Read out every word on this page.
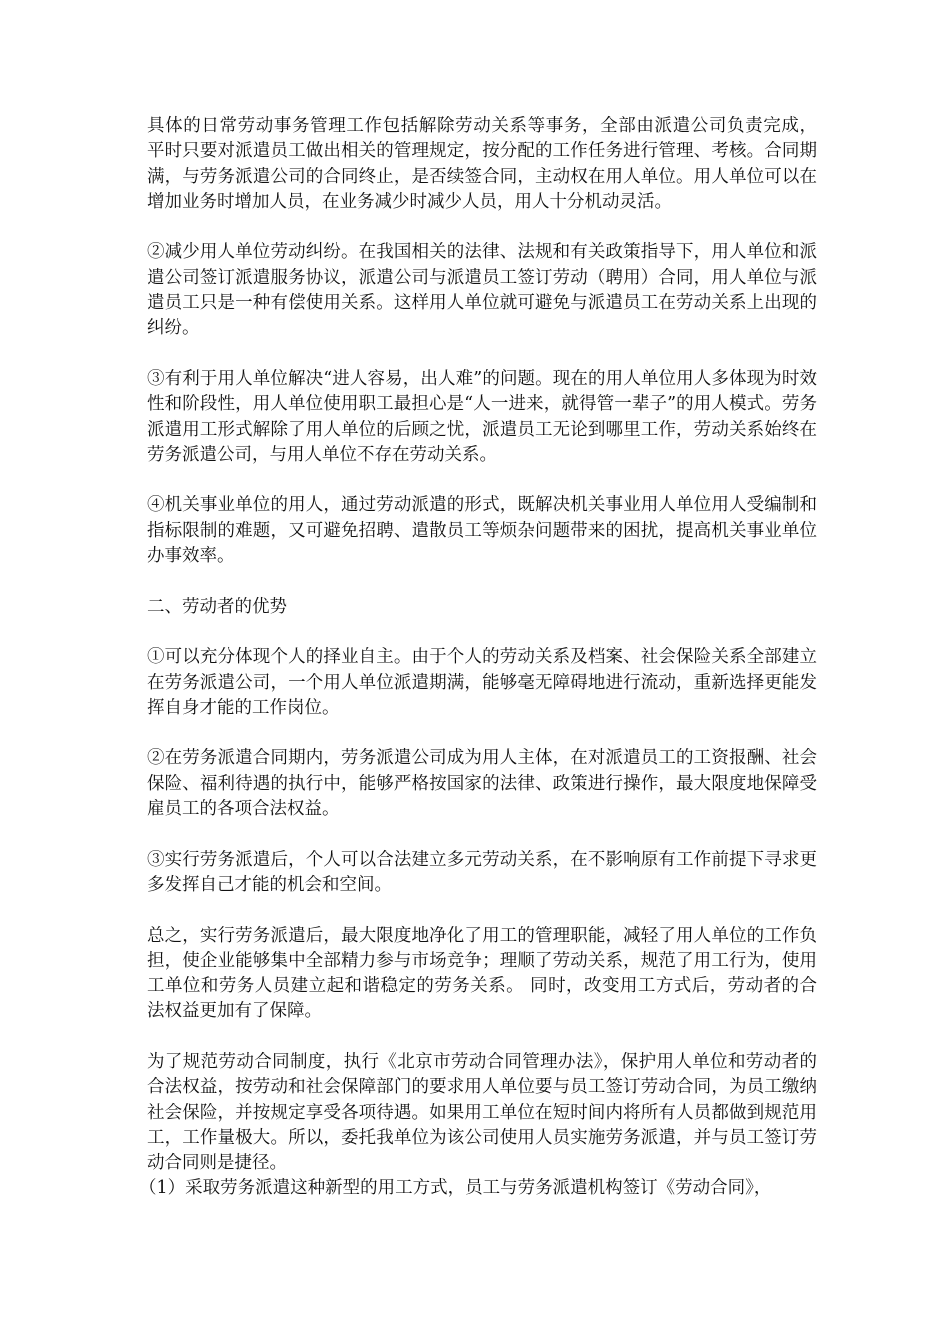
具体的日常劳动事务管理工作包括解除劳动关系等事务，全部由派遣公司负责完成， 平时只要对派遣员工做出相关的管理规定，按分配的工作任务进行管理、考核。合同期满，与劳务派遣公司的合同终止，是否续签合同，主动权在用人单位。用人单位可以在增加业务时增加人员，在业务减少时减少人员，用人十分机动灵活。

②减少用人单位劳动纠纷。在我国相关的法律、法规和有关政策指导下，用人单位和派遣公司签订派遣服务协议，派遣公司与派遣员工签订劳动（聘用）合同，用人单位与派遣员工只是一种有偿使用关系。这样用人单位就可避免与派遣员工在劳动关系上出现的纠纷。

③有利于用人单位解决“进人容易，出人难”的问题。现在的用人单位用人多体现为时效性和阶段性，用人单位使用职工最担心是“人一进来，就得管一辈子”的用人模式。劳务派遣用工形式解除了用人单位的后顾之忧，派遣员工无论到哪里工作，劳动关系始终在劳务派遣公司，与用人单位不存在劳动关系。

④机关事业单位的用人，通过劳动派遣的形式，既解决机关事业用人单位用人受编制和指标限制的难题，又可避免招聘、遣散员工等烦杂问题带来的困扰，提高机关事业单位办事效率。

二、劳动者的优势

①可以充分体现个人的择业自主。由于个人的劳动关系及档案、社会保险关系全部建立在劳务派遣公司，一个用人单位派遣期满，能够毫无障碍地进行流动，重新选择更能发挥自身才能的工作岗位。

②在劳务派遣合同期内，劳务派遣公司成为用人主体，在对派遣员工的工资报酬、社会保险、福利待遇的执行中，能够严格按国家的法律、政策进行操作，最大限度地保障受雇员工的各项合法权益。

③实行劳务派遣后，个人可以合法建立多元劳动关系，在不影响原有工作前提下寻求更多发挥自己才能的机会和空间。

总之，实行劳务派遣后，最大限度地净化了用工的管理职能，减轻了用人单位的工作负担，使企业能够集中全部精力参与市场竞争；理顺了劳动关系，规范了用工行为，使用工单位和劳务人员建立起和谐稳定的劳务关系。 同时，改变用工方式后，劳动者的合法权益更加有了保障。

为了规范劳动合同制度，执行《北京市劳动合同管理办法》，保护用人单位和劳动者的合法权益，按劳动和社会保障部门的要求用人单位要与员工签订劳动合同，为员工缴纳社会保险，并按规定享受各项待遇。如果用工单位在短时间内将所有人员都做到规范用工，工作量极大。所以，委托我单位为该公司使用人员实施劳务派遣，并与员工签订劳动合同则是捷径。

（1）采取劳务派遣这种新型的用工方式，员工与劳务派遣机构签订《劳动合同》，
